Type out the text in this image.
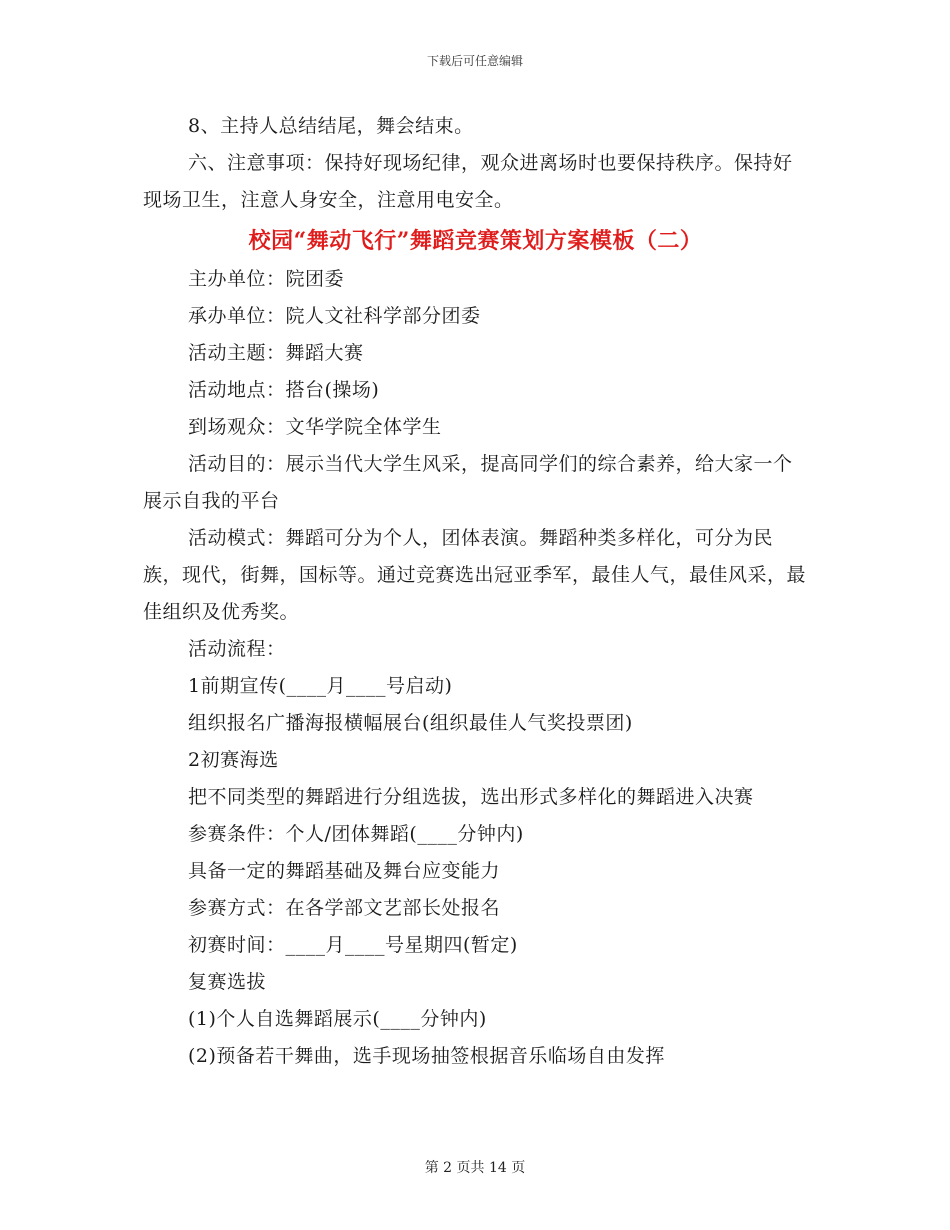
下载后可任意编辑

8、主持人总结结尾，舞会结束。

六、注意事项：保持好现场纪律，观众进离场时也要保持秩序。保持好现场卫生，注意人身安全，注意用电安全。

校园“舞动飞行”舞蹈竞赛策划方案模板（二）

主办单位：院团委

承办单位：院人文社科学部分团委

活动主题：舞蹈大赛

活动地点：搭台(操场)

到场观众：文华学院全体学生

活动目的：展示当代大学生风采，提高同学们的综合素养，给大家一个展示自我的平台

活动模式：舞蹈可分为个人，团体表演。舞蹈种类多样化，可分为民族，现代，街舞，国标等。通过竞赛选出冠亚季军，最佳人气，最佳风采，最佳组织及优秀奖。

活动流程：

1前期宣传(____月____号启动)

组织报名广播海报横幅展台(组织最佳人气奖投票团)

2初赛海选

把不同类型的舞蹈进行分组选拔，选出形式多样化的舞蹈进入决赛

参赛条件：个人/团体舞蹈(____分钟内)

具备一定的舞蹈基础及舞台应变能力

参赛方式：在各学部文艺部长处报名

初赛时间：____月____号星期四(暂定)

复赛选拔

(1)个人自选舞蹈展示(____分钟内)

(2)预备若干舞曲，选手现场抽签根据音乐临场自由发挥

第 2 页共 14 页
